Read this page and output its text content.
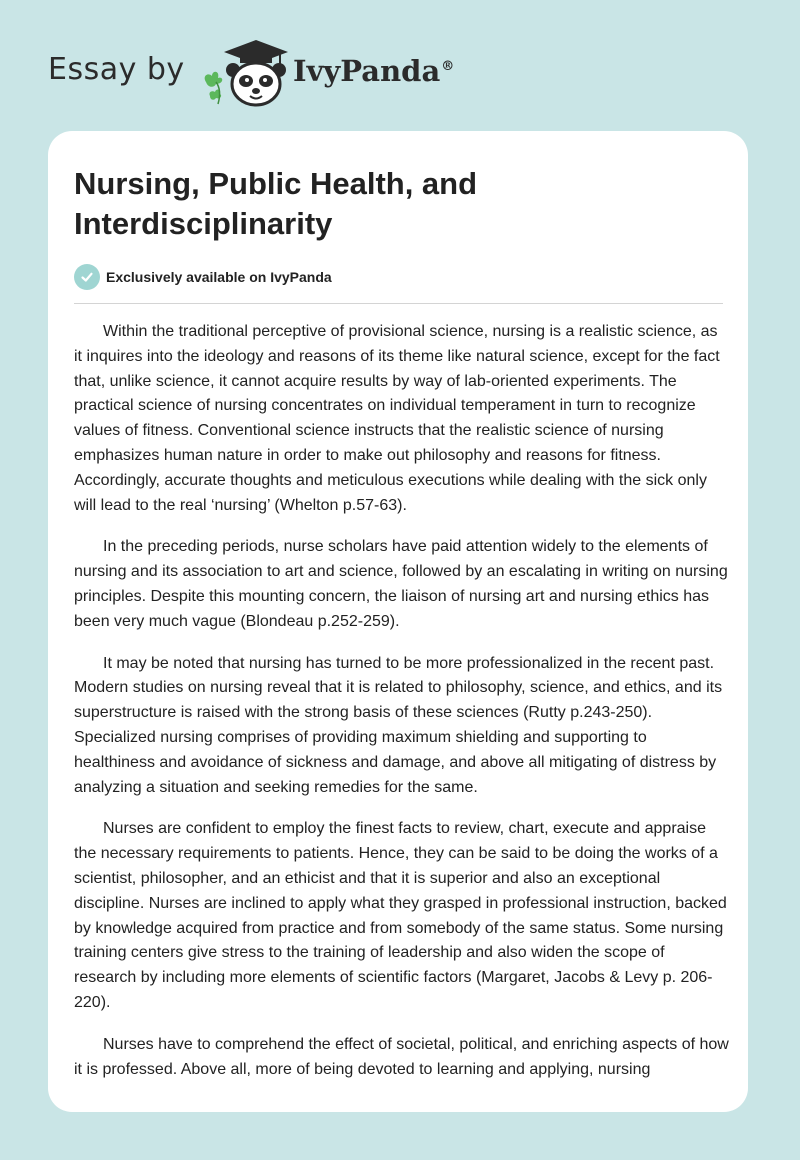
Essay by	IvyPanda®
Nursing, Public Health, and Interdisciplinarity
Exclusively available on IvyPanda

Within the traditional perceptive of provisional science, nursing is a realistic science, as it inquires into the ideology and reasons of its theme like natural science, except for the fact that, unlike science, it cannot acquire results by way of lab-oriented experiments. The practical science of nursing concentrates on individual temperament in turn to recognize values of fitness. Conventional science instructs that the realistic science of nursing emphasizes human nature in order to make out philosophy and reasons for fitness. Accordingly, accurate thoughts and meticulous executions while dealing with the sick only will lead to the real ‘nursing’ (Whelton p.57-63).

In the preceding periods, nurse scholars have paid attention widely to the elements of nursing and its association to art and science, followed by an escalating in writing on nursing principles. Despite this mounting concern, the liaison of nursing art and nursing ethics has been very much vague (Blondeau p.252-259).

It may be noted that nursing has turned to be more professionalized in the recent past. Modern studies on nursing reveal that it is related to philosophy, science, and ethics, and its superstructure is raised with the strong basis of these sciences (Rutty p.243-250). Specialized nursing comprises of providing maximum shielding and supporting to healthiness and avoidance of sickness and damage, and above all mitigating of distress by analyzing a situation and seeking remedies for the same.

Nurses are confident to employ the finest facts to review, chart, execute and appraise the necessary requirements to patients. Hence, they can be said to be doing the works of a scientist, philosopher, and an ethicist and that it is superior and also an exceptional discipline. Nurses are inclined to apply what they grasped in professional instruction, backed by knowledge acquired from practice and from somebody of the same status. Some nursing training centers give stress to the training of leadership and also widen the scope of research by including more elements of scientific factors (Margaret, Jacobs & Levy p. 206-220).

Nurses have to comprehend the effect of societal, political, and enriching aspects of how it is professed. Above all, more of being devoted to learning and applying, nursing
